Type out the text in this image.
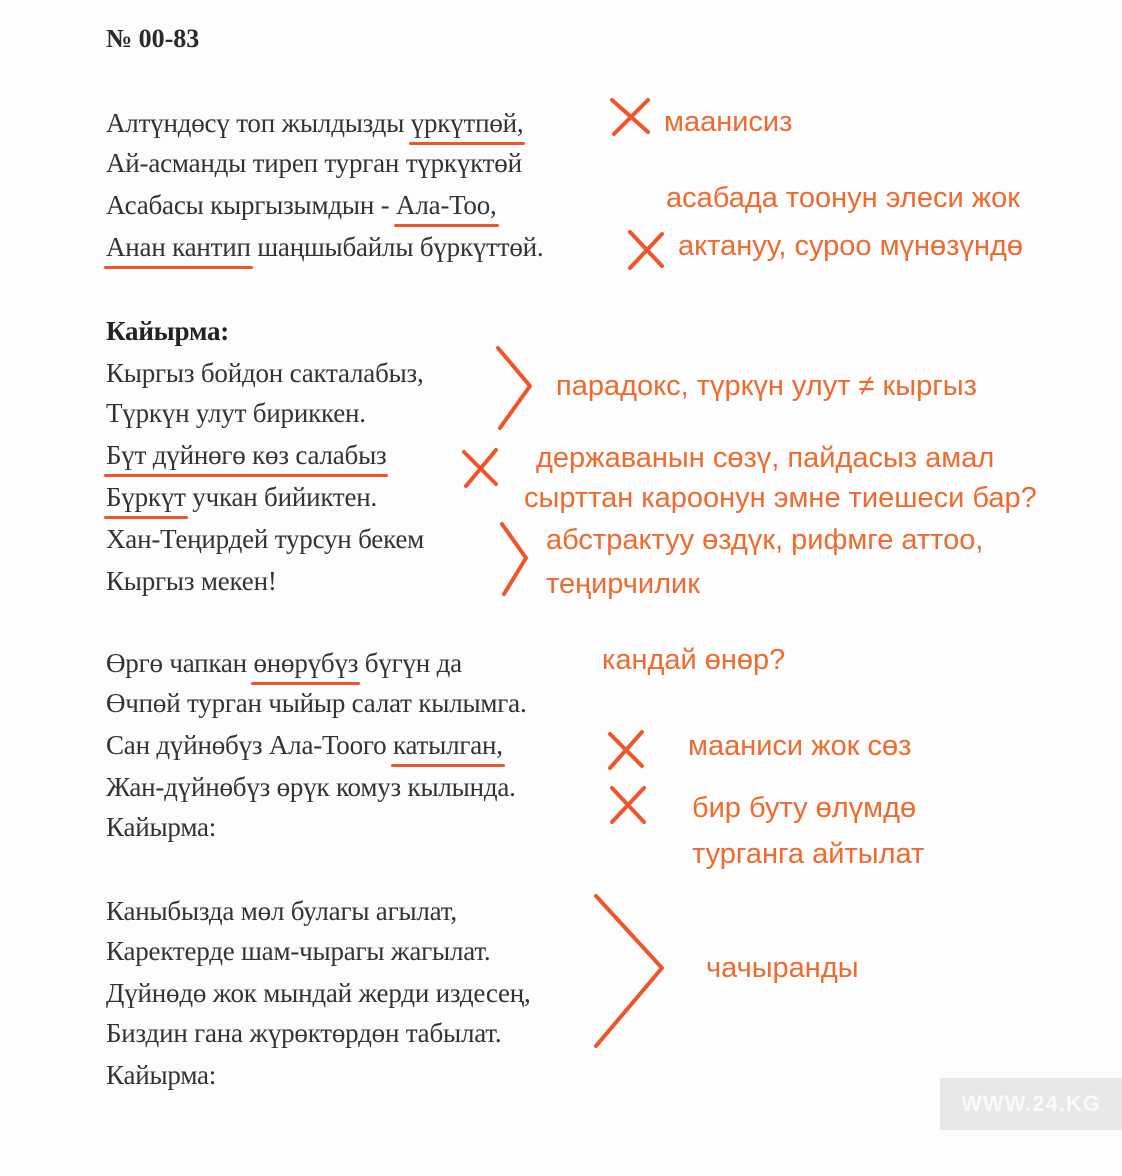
№ 00-83
Алтүндөсү топ жылдызды үркүтпөй,
Ай-асманды тиреп турган түркүктөй
Асабасы кыргызымдын - Ала-Тоо,
Анан кантип шаңшыбайлы бүркүттөй.
Кайырма:
Кыргыз бойдон сакталабыз,
Түркүн улут бириккен.
Бүт дүйнөгө көз салабыз
Бүркүт учкан бийиктен.
Хан-Теңирдей турсун бекем
Кыргыз мекен!
Өргө чапкан өнөрүбүз бүгүн да
Өчпөй турган чыйыр салат кылымга.
Сан дүйнөбүз Ала-Тоого катылган,
Жан-дүйнөбүз өрүк комуз кылында.
Кайырма:
Каныбызда мөл булагы агылат,
Каректерде шам-чырагы жагылат.
Дүйнөдө жок мындай жерди издесең,
Биздин гана жүрөктөрдөн табылат.
Кайырма:
маанисиз
асабада тоонун элеси жок
актануу, суроо мүнөзүндө
парадокс, түркүн улут ≠ кыргыз
державанын сөзү, пайдасыз амал
сырттан кароонун эмне тиешеси бар?
абстрактуу өздүк, рифмге аттоо,
теңирчилик
кандай өнөр?
мааниси жок сөз
бир буту өлүмдө
турганга айтылат
чачыранды
WWW.24.KG
